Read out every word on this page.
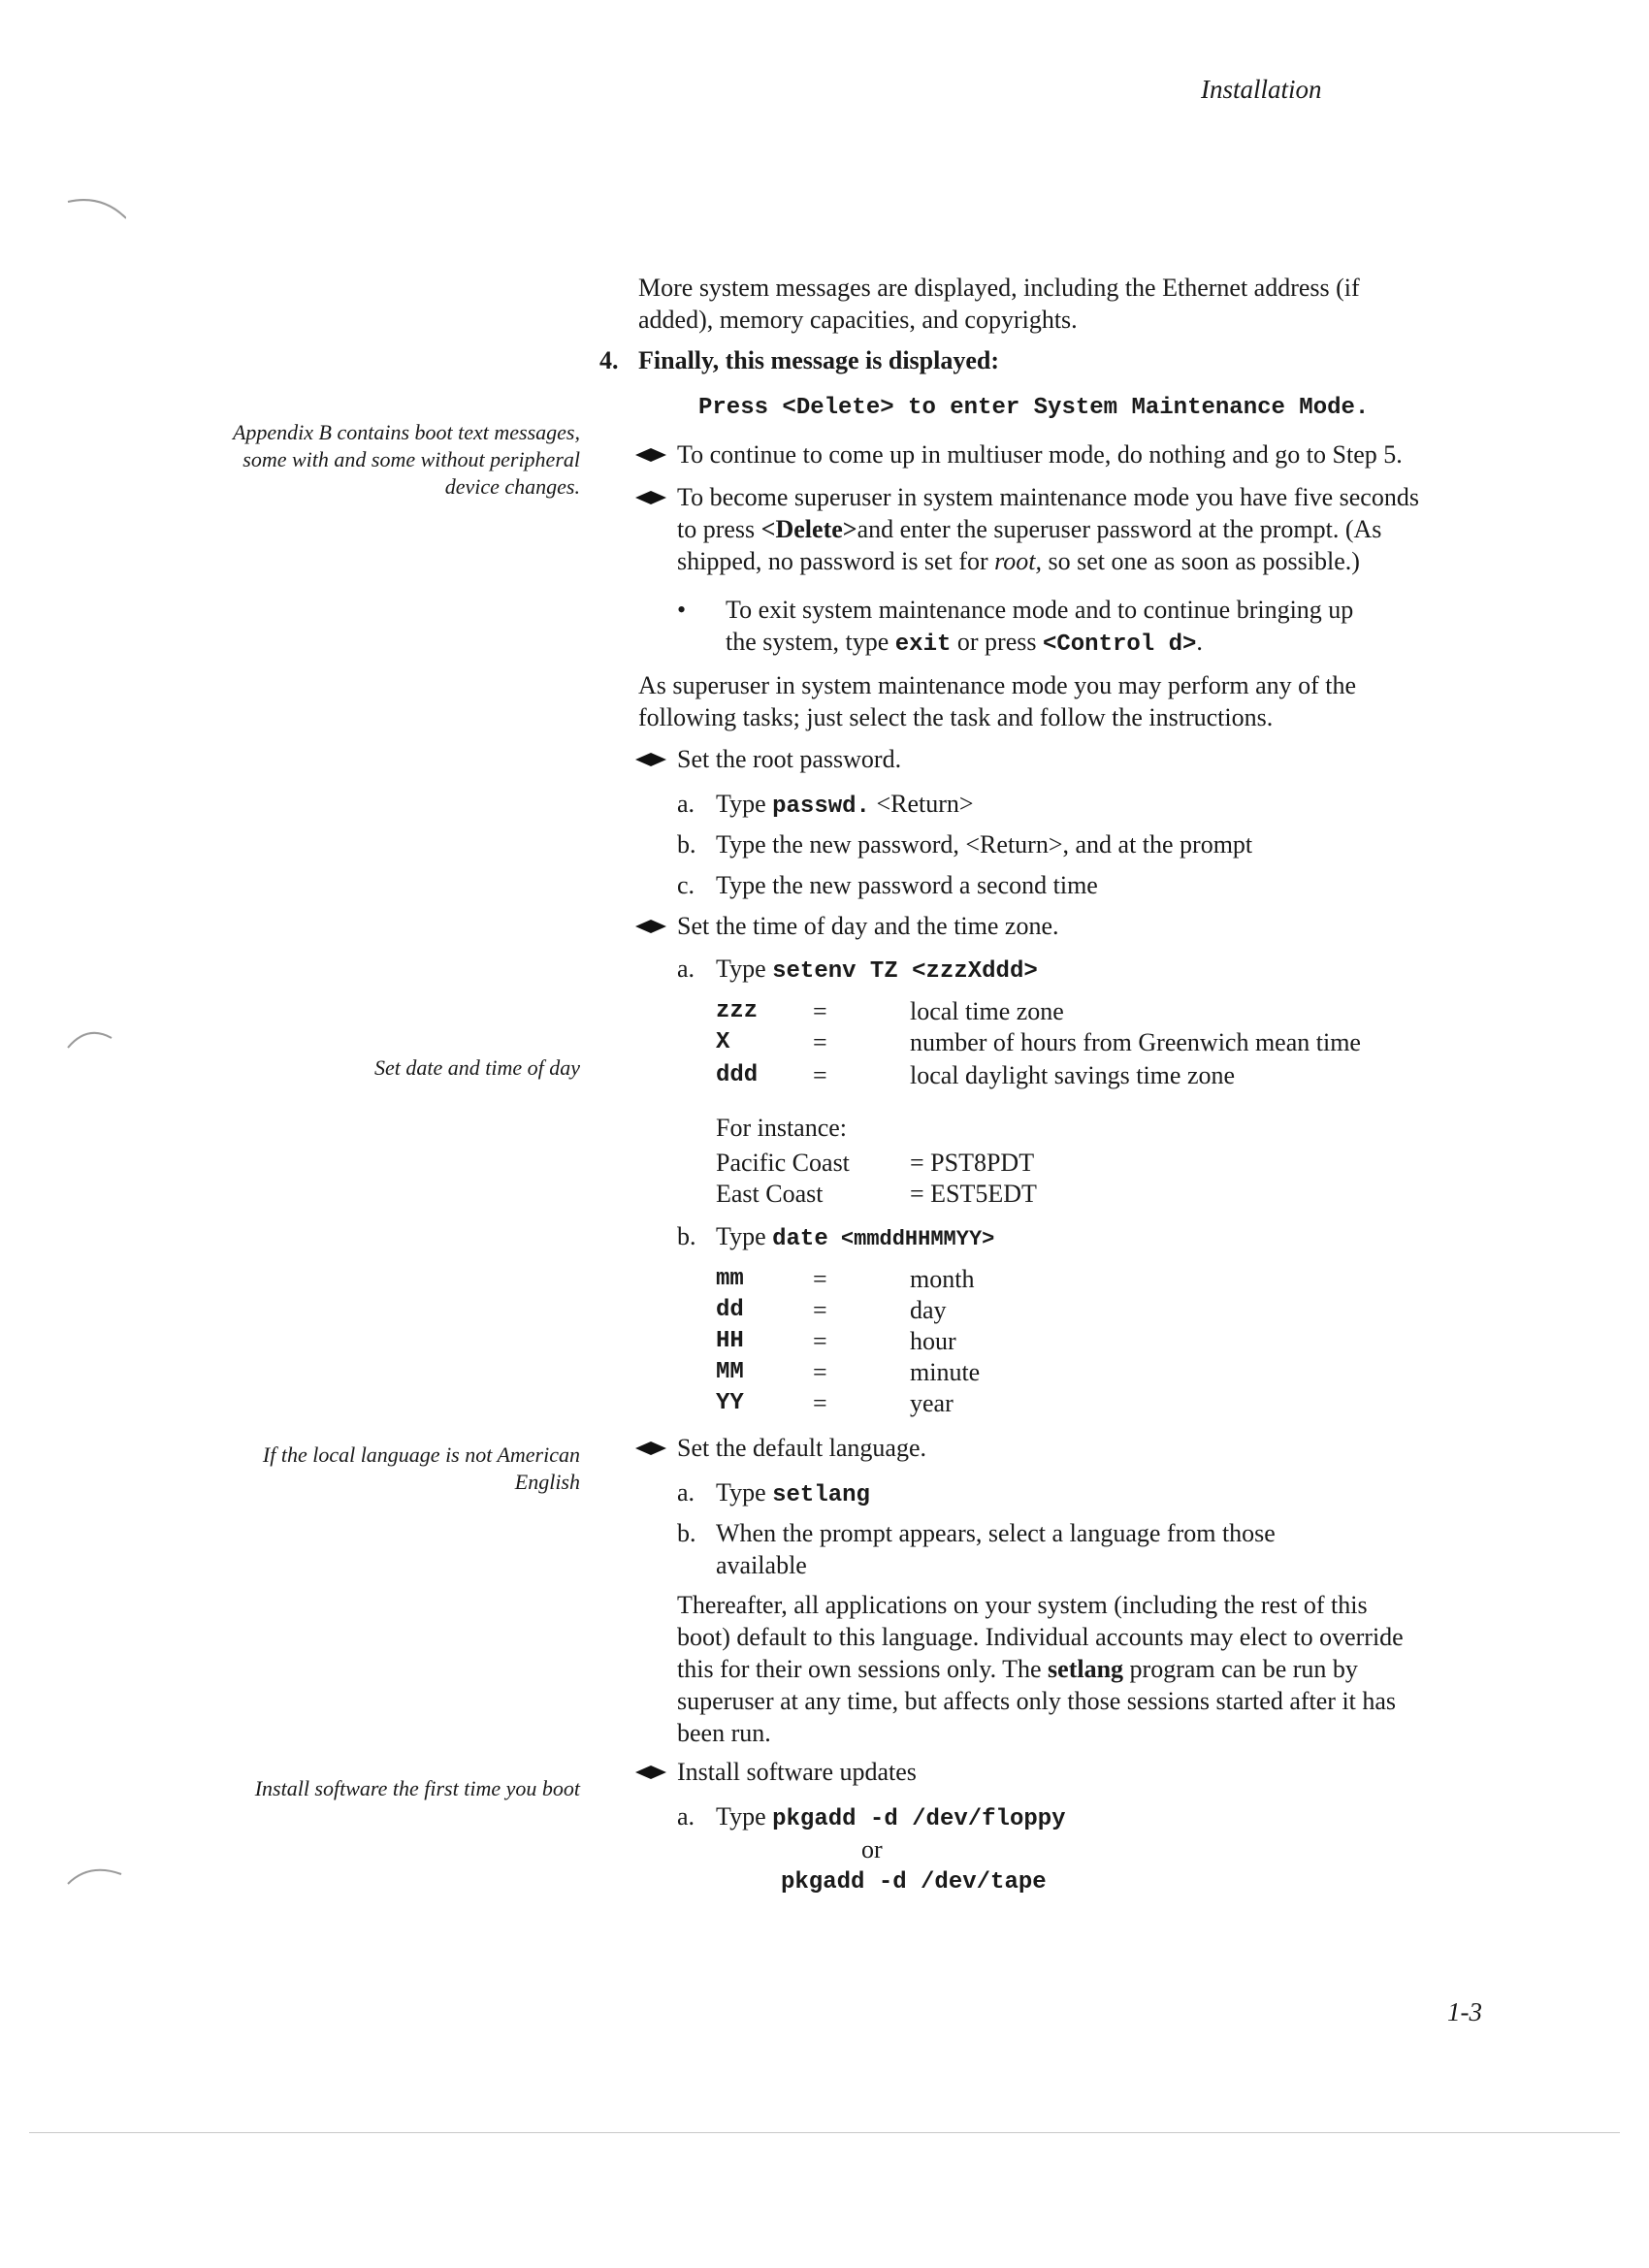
Installation
Appendix B contains boot text messages,
some with and some without peripheral
device changes.
Set date and time of day
If the local language is not American
English
Install software the first time you boot
More system messages are displayed, including the Ethernet address (if
added), memory capacities, and copyrights.
4. Finally, this message is displayed:
Press <Delete> to enter System Maintenance Mode.
To continue to come up in multiuser mode, do nothing and go to Step 5.
To become superuser in system maintenance mode you have five seconds
to press <Delete>and enter the superuser password at the prompt. (As
shipped, no password is set for root, so set one as soon as possible.)
• To exit system maintenance mode and to continue bringing up
the system, type exit or press <Control d>.
As superuser in system maintenance mode you may perform any of the
following tasks; just select the task and follow the instructions.
Set the root password.
a. Type passwd. <Return>
b. Type the new password, <Return>, and at the prompt
c. Type the new password a second time
Set the time of day and the time zone.
a. Type setenv TZ <zzzXddd>
zzz =	local time zone
X	=	number of hours from Greenwich mean time
ddd =	local daylight savings time zone
For instance:
Pacific Coast = PST8PDT
East Coast	= EST5EDT
b. Type date <mmddHHMMYY>
mm	=	month
dd	=	day
HH	=	hour
MM	=	minute
YY	=	year
Set the default language.
a. Type setlang
b. When the prompt appears, select a language from those
available
Thereafter, all applications on your system (including the rest of this
boot) default to this language. Individual accounts may elect to override
this for their own sessions only. The setlang program can be run by
superuser at any time, but affects only those sessions started after it has
been run.
Install software updates
a. Type pkgadd -d /dev/floppy
or
pkgadd -d /dev/tape
1-3
